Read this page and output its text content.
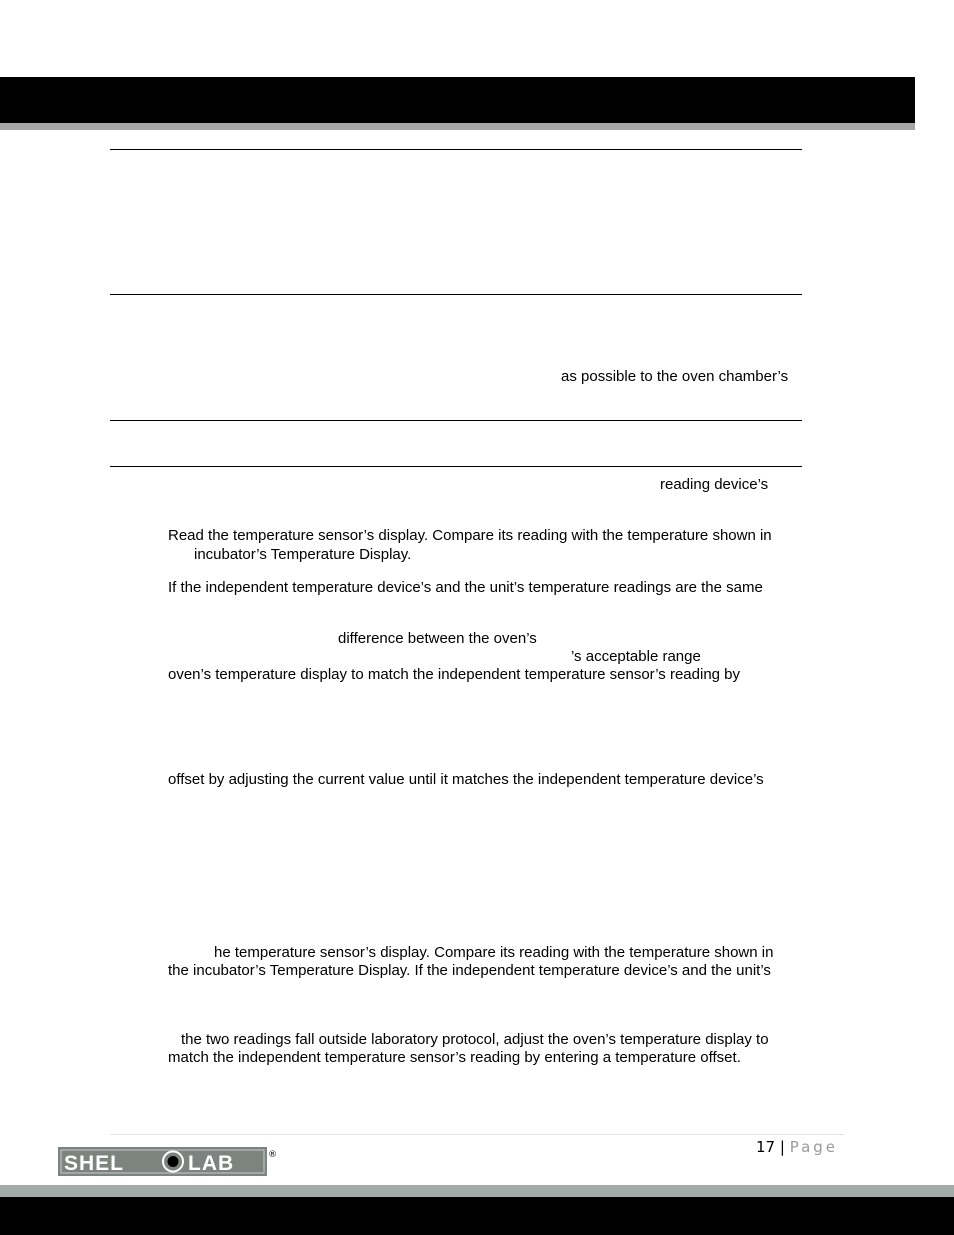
as possible to the oven chamber’s
reading device’s
Read the temperature sensor’s display. Compare its reading with the temperature shown in
incubator’s Temperature Display.
If the independent temperature device’s and the unit’s temperature readings are the same
difference between the oven’s
’s acceptable range
oven’s temperature display to match the independent temperature sensor’s reading by
offset by adjusting the current value until it matches the independent temperature device’s
he temperature sensor’s display. Compare its reading with the temperature shown in
the incubator’s Temperature Display. If the independent temperature device’s and the unit’s
the two readings fall outside laboratory protocol, adjust the oven’s temperature display to
match the independent temperature sensor’s reading by entering a temperature offset.
17 | Page
SHEL	LAB	®
